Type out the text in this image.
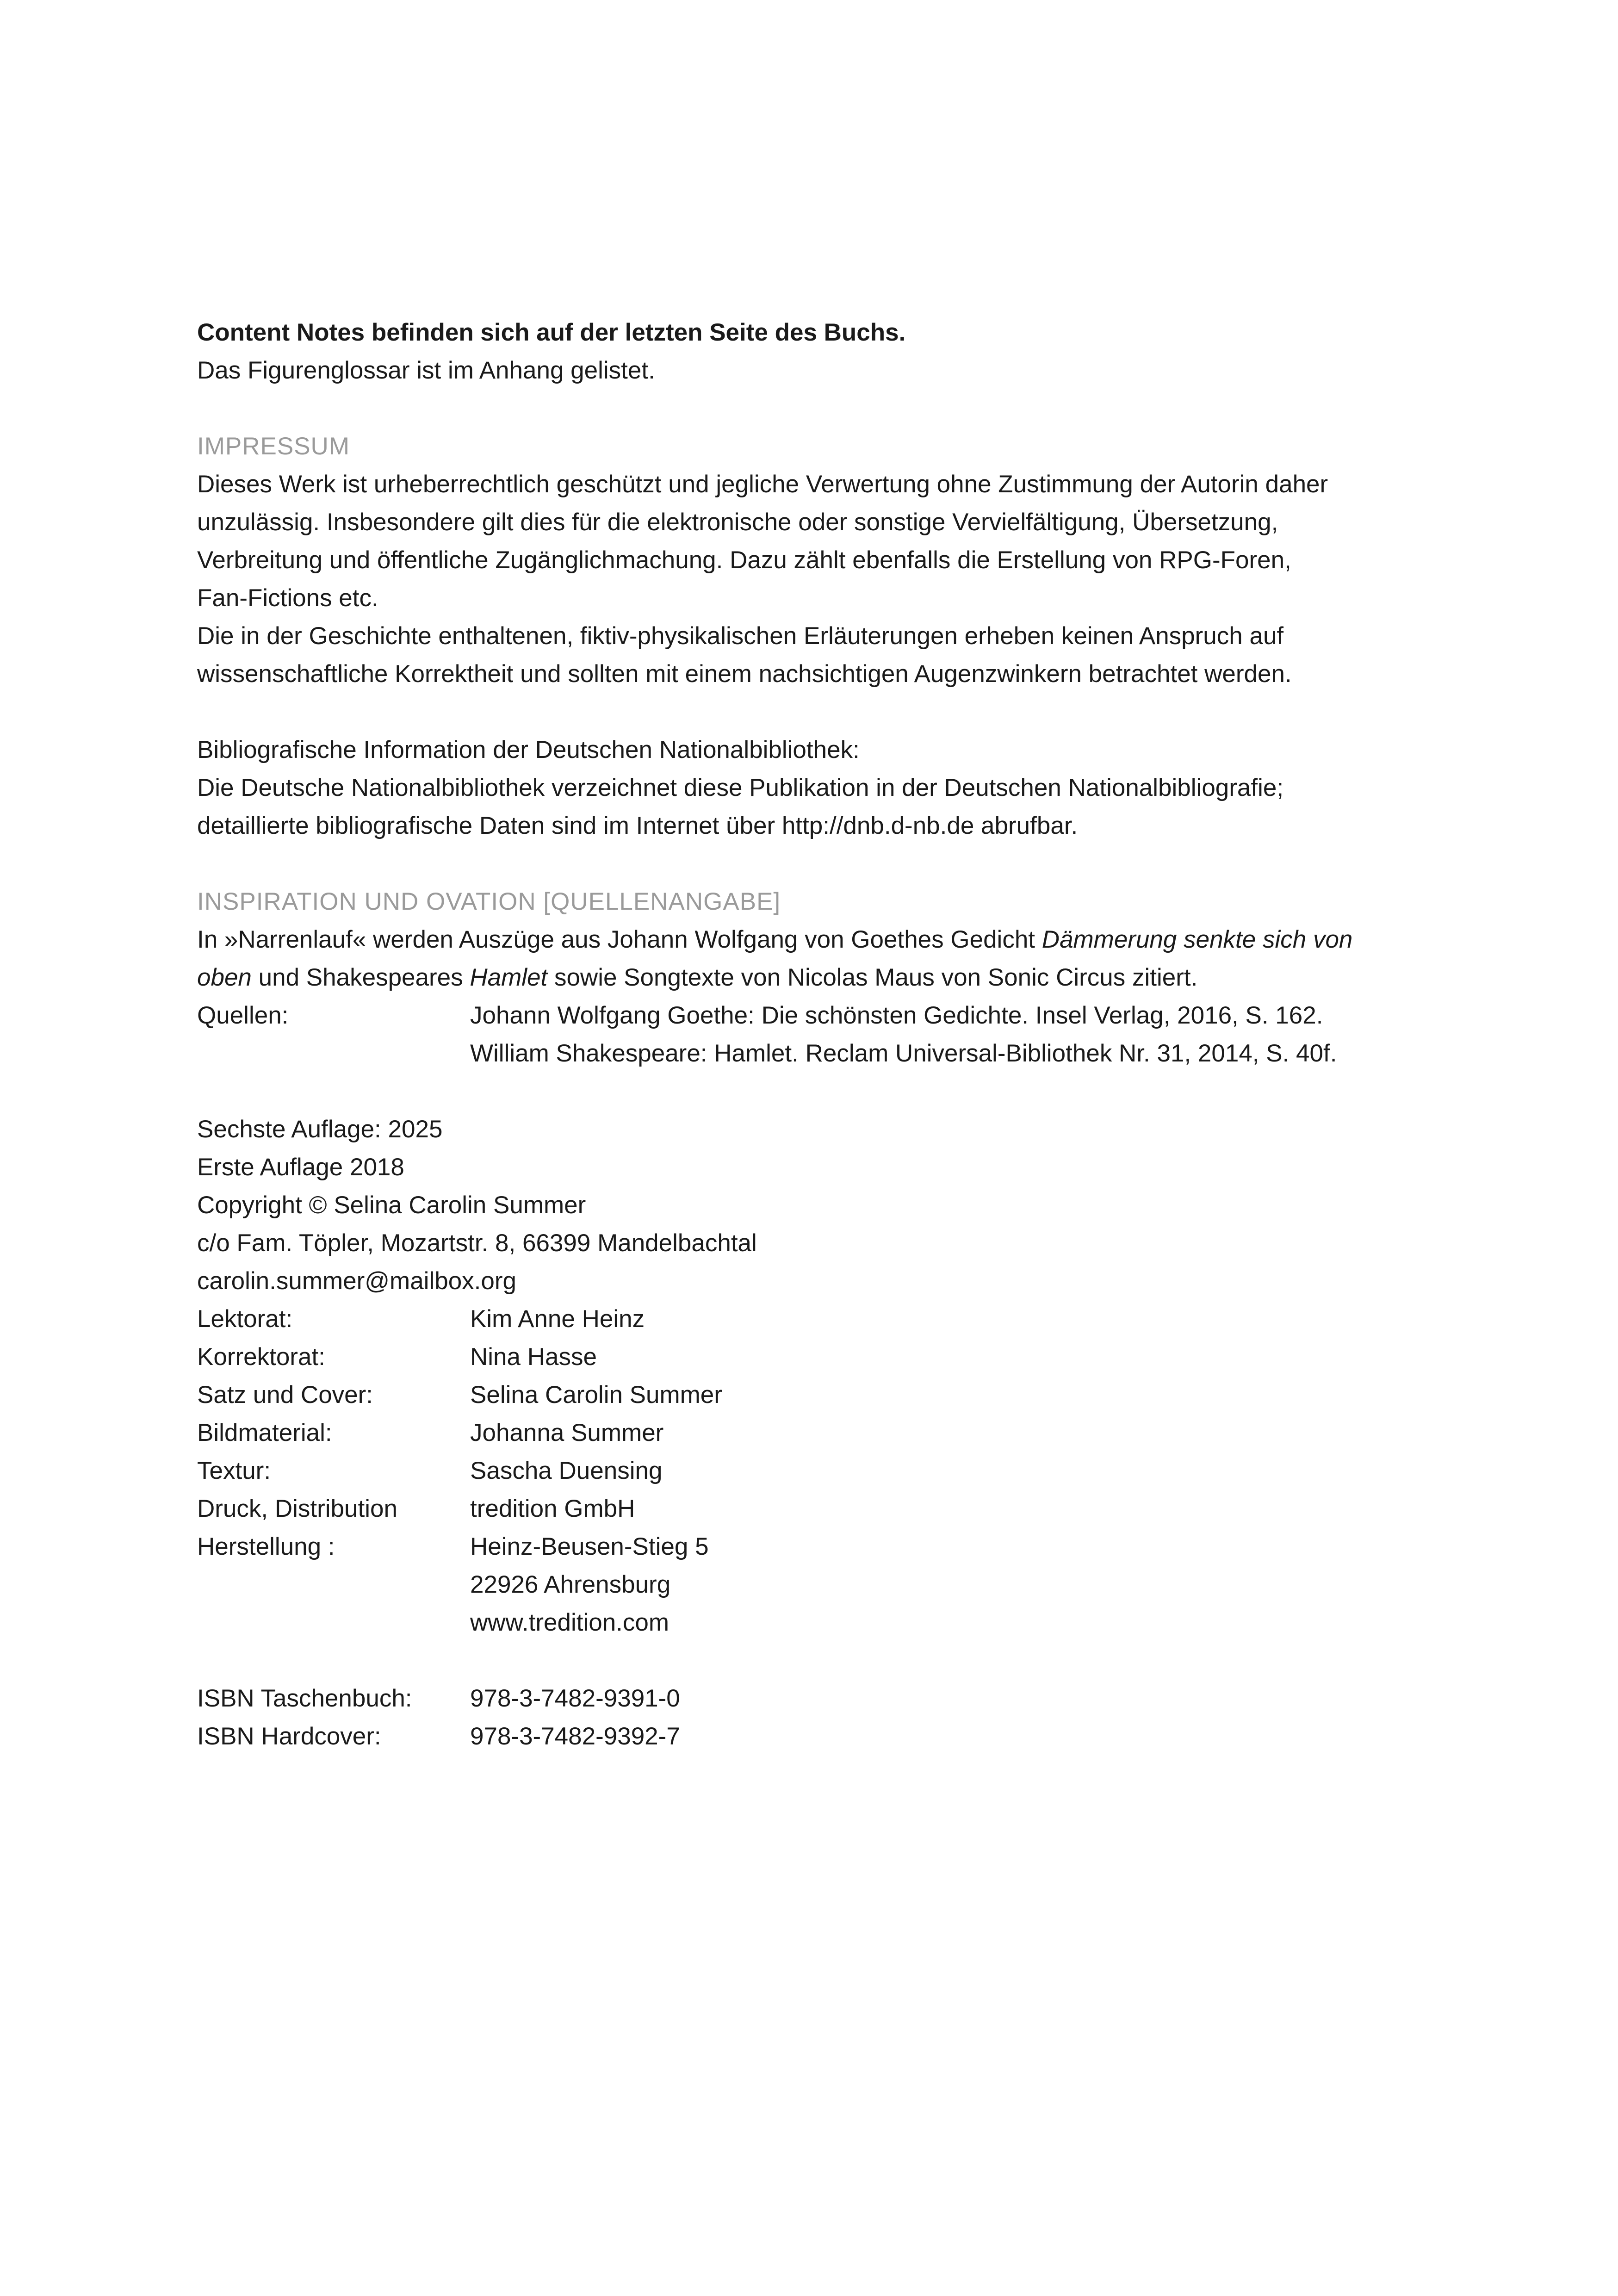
Content Notes befinden sich auf der letzten Seite des Buchs.
Das Figurenglossar ist im Anhang gelistet.
IMPRESSUM
Dieses Werk ist urheberrechtlich geschützt und jegliche Verwertung ohne Zustimmung der Autorin daher
unzulässig. Insbesondere gilt dies für die elektronische oder sonstige Vervielfältigung, Übersetzung,
Verbreitung und öffentliche Zugänglichmachung. Dazu zählt ebenfalls die Erstellung von RPG-Foren,
Fan-Fictions etc.
Die in der Geschichte enthaltenen, fiktiv-physikalischen Erläuterungen erheben keinen Anspruch auf
wissenschaftliche Korrektheit und sollten mit einem nachsichtigen Augenzwinkern betrachtet werden.
Bibliografische Information der Deutschen Nationalbibliothek:
Die Deutsche Nationalbibliothek verzeichnet diese Publikation in der Deutschen Nationalbibliografie;
detaillierte bibliografische Daten sind im Internet über http://dnb.d-nb.de abrufbar.
INSPIRATION UND OVATION [QUELLENANGABE]
In »Narrenlauf« werden Auszüge aus Johann Wolfgang von Goethes Gedicht Dämmerung senkte sich von
oben und Shakespeares Hamlet sowie Songtexte von Nicolas Maus von Sonic Circus zitiert.
Quellen:	Johann Wolfgang Goethe: Die schönsten Gedichte. Insel Verlag, 2016, S. 162.
William Shakespeare: Hamlet. Reclam Universal-Bibliothek Nr. 31, 2014, S. 40f.
Sechste Auflage: 2025
Erste Auflage 2018
Copyright © Selina Carolin Summer
c/o Fam. Töpler, Mozartstr. 8, 66399 Mandelbachtal
carolin.summer@mailbox.org
Lektorat:	Kim Anne Heinz
Korrektorat:	Nina Hasse
Satz und Cover:	Selina Carolin Summer
Bildmaterial:	Johanna Summer
Textur:	Sascha Duensing
Druck, Distribution	tredition GmbH
Herstellung :	Heinz-Beusen-Stieg 5
22926 Ahrensburg
www.tredition.com
ISBN Taschenbuch:	978-3-7482-9391-0
ISBN Hardcover:	978-3-7482-9392-7
